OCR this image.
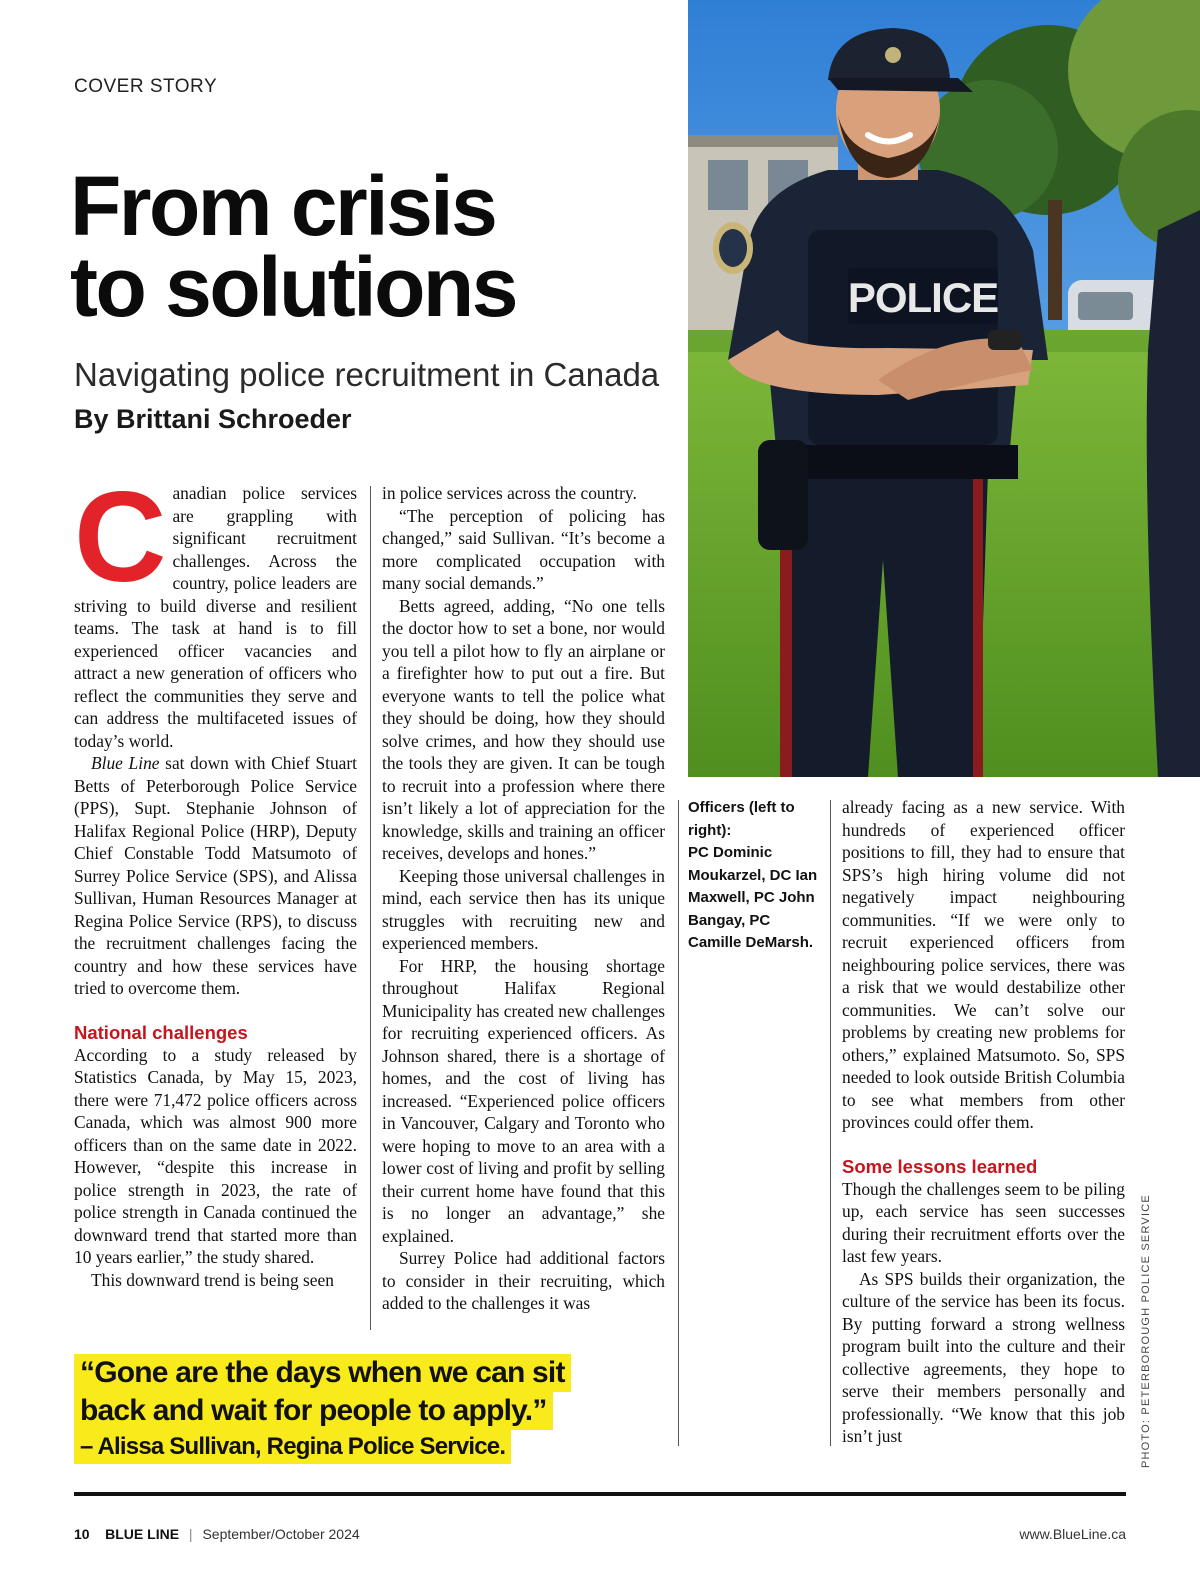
COVER STORY
From crisis
to solutions
Navigating police recruitment in Canada
By Brittani Schroeder
POLICE

Canadian police services are grappling with significant recruitment challenges. Across the country, police leaders are striving to build diverse and resilient teams. The task at hand is to fill experienced officer vacancies and attract a new generation of officers who reflect the communities they serve and can address the multifaceted issues of today’s world.

Blue Line sat down with Chief Stuart Betts of Peterborough Police Service (PPS), Supt. Stephanie Johnson of Halifax Regional Police (HRP), Deputy Chief Constable Todd Matsumoto of Surrey Police Service (SPS), and Alissa Sullivan, Human Resources Manager at Regina Police Service (RPS), to discuss the recruitment challenges facing the country and how these services have tried to overcome them.

National challenges

According to a study released by Statistics Canada, by May 15, 2023, there were 71,472 police officers across Canada, which was almost 900 more officers than on the same date in 2022. However, “despite this increase in police strength in 2023, the rate of police strength in Canada continued the downward trend that started more than 10 years earlier,” the study shared.

This downward trend is being seen

in police services across the country.

“The perception of policing has changed,” said Sullivan. “It’s become a more complicated occupation with many social demands.”

Betts agreed, adding, “No one tells the doctor how to set a bone, nor would you tell a pilot how to fly an airplane or a firefighter how to put out a fire. But everyone wants to tell the police what they should be doing, how they should solve crimes, and how they should use the tools they are given. It can be tough to recruit into a profession where there isn’t likely a lot of appreciation for the knowledge, skills and training an officer receives, develops and hones.”

Keeping those universal challenges in mind, each service then has its unique struggles with recruiting new and experienced members.

For HRP, the housing shortage throughout Halifax Regional Municipality has created new challenges for recruiting experienced officers. As Johnson shared, there is a shortage of homes, and the cost of living has increased. “Experienced police officers in Vancouver, Calgary and Toronto who were hoping to move to an area with a lower cost of living and profit by selling their current home have found that this is no longer an advantage,” she explained.

Surrey Police had additional factors to consider in their recruiting, which added to the challenges it was

Officers (left to right):
PC Dominic Moukarzel, DC Ian Maxwell, PC John Bangay, PC Camille DeMarsh.

already facing as a new service. With hundreds of experienced officer positions to fill, they had to ensure that SPS’s high hiring volume did not negatively impact neighbouring communities. “If we were only to recruit experienced officers from neighbouring police services, there was a risk that we would destabilize other communities. We can’t solve our problems by creating new problems for others,” explained Matsumoto. So, SPS needed to look outside British Columbia to see what members from other provinces could offer them.

Some lessons learned

Though the challenges seem to be piling up, each service has seen successes during their recruitment efforts over the last few years.

As SPS builds their organization, the culture of the service has been its focus. By putting forward a strong wellness program built into the culture and their collective agreements, they hope to serve their members personally and professionally. “We know that this job isn’t just

“Gone are the days when we can sit
back and wait for people to apply.”
– Alissa Sullivan, Regina Police Service.	PHOTO: PETERBOROUGH POLICE SERVICE
10 BLUE LINE | September/October 2024	www.BlueLine.ca
